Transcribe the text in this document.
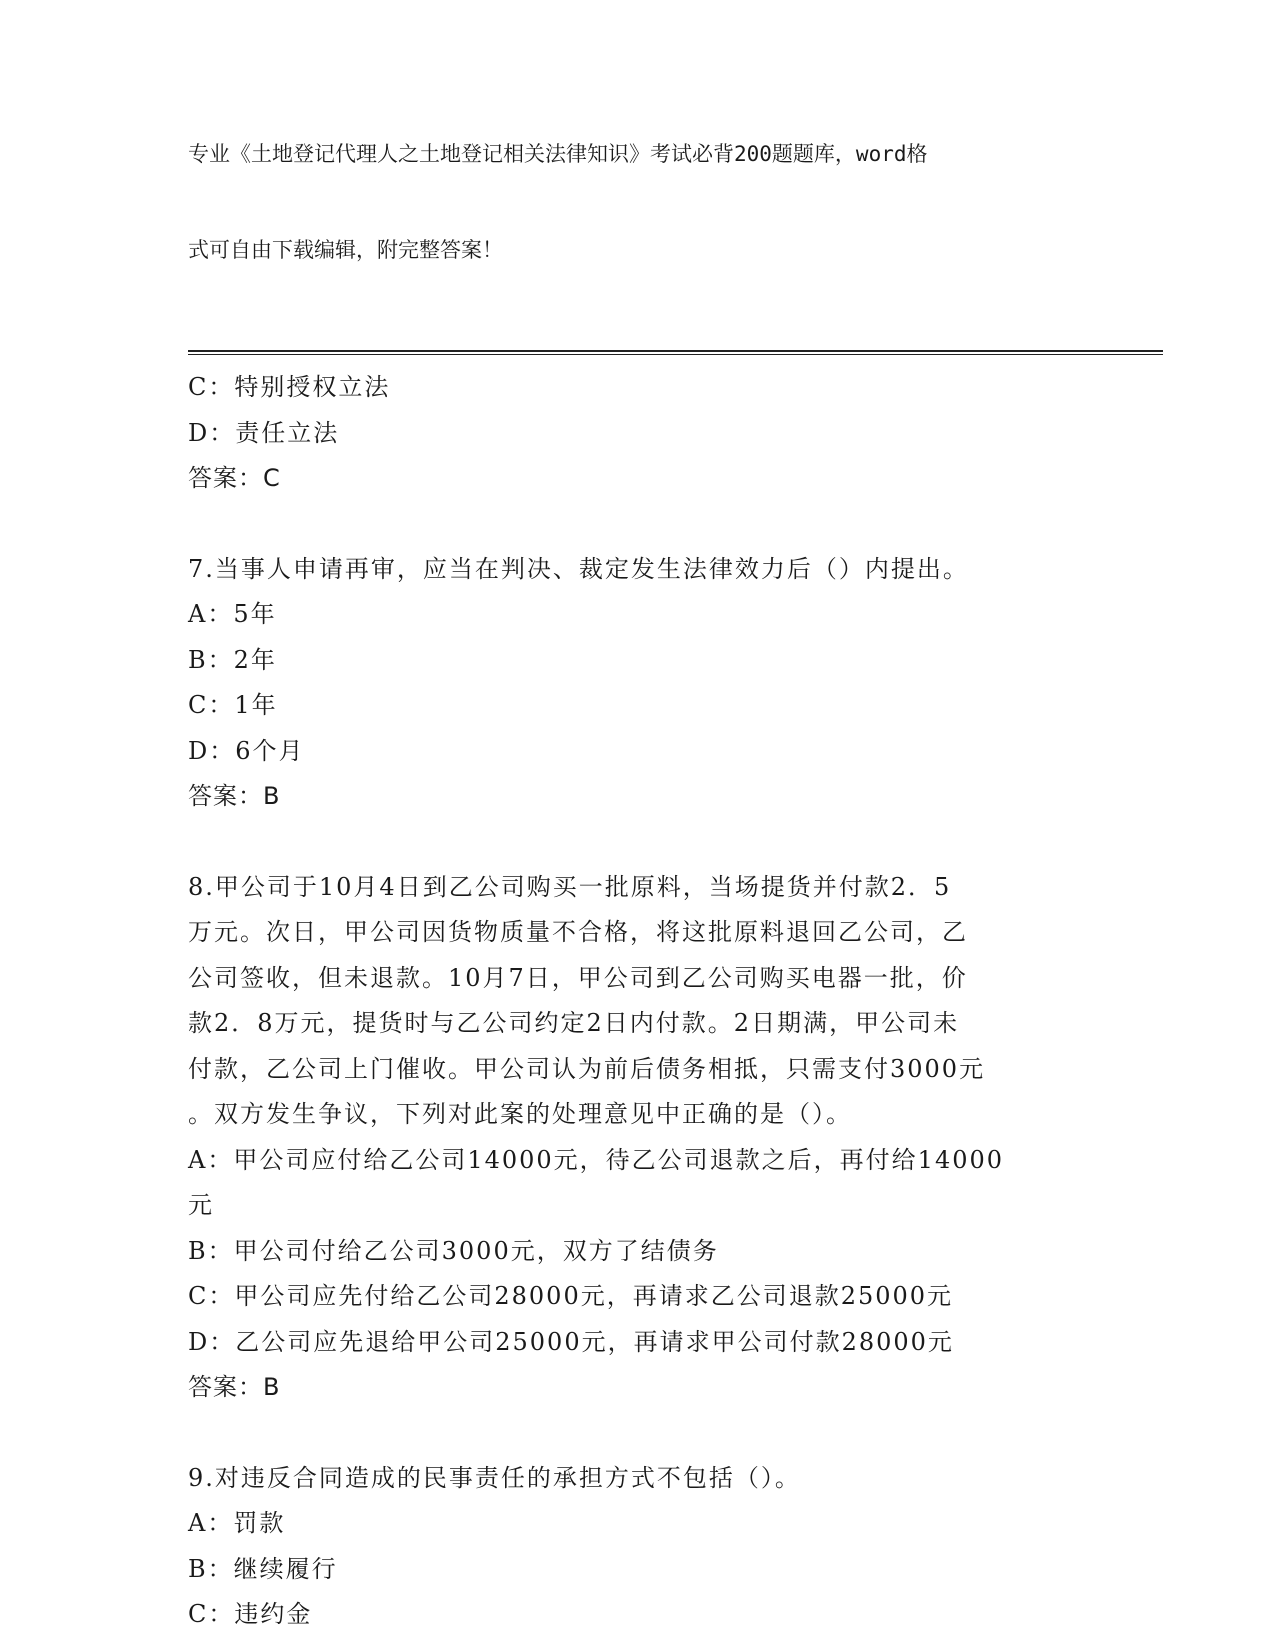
专业《土地登记代理人之土地登记相关法律知识》考试必背200题题库，word格

式可自由下载编辑，附完整答案！

C：特别授权立法
D：责任立法
答案：C
7.当事人申请再审，应当在判决、裁定发生法律效力后（）内提出。
A：5年
B：2年
C：1年
D：6个月
答案：B
8.甲公司于10月4日到乙公司购买一批原料，当场提货并付款2．5
万元。次日，甲公司因货物质量不合格，将这批原料退回乙公司，乙
公司签收，但未退款。10月7日，甲公司到乙公司购买电器一批，价
款2．8万元，提货时与乙公司约定2日内付款。2日期满，甲公司未
付款，乙公司上门催收。甲公司认为前后债务相抵，只需支付3000元
。双方发生争议，下列对此案的处理意见中正确的是（）。
A：甲公司应付给乙公司14000元，待乙公司退款之后，再付给14000
元
B：甲公司付给乙公司3000元，双方了结债务
C：甲公司应先付给乙公司28000元，再请求乙公司退款25000元
D：乙公司应先退给甲公司25000元，再请求甲公司付款28000元
答案：B
9.对违反合同造成的民事责任的承担方式不包括（）。
A：罚款
B：继续履行
C：违约金
